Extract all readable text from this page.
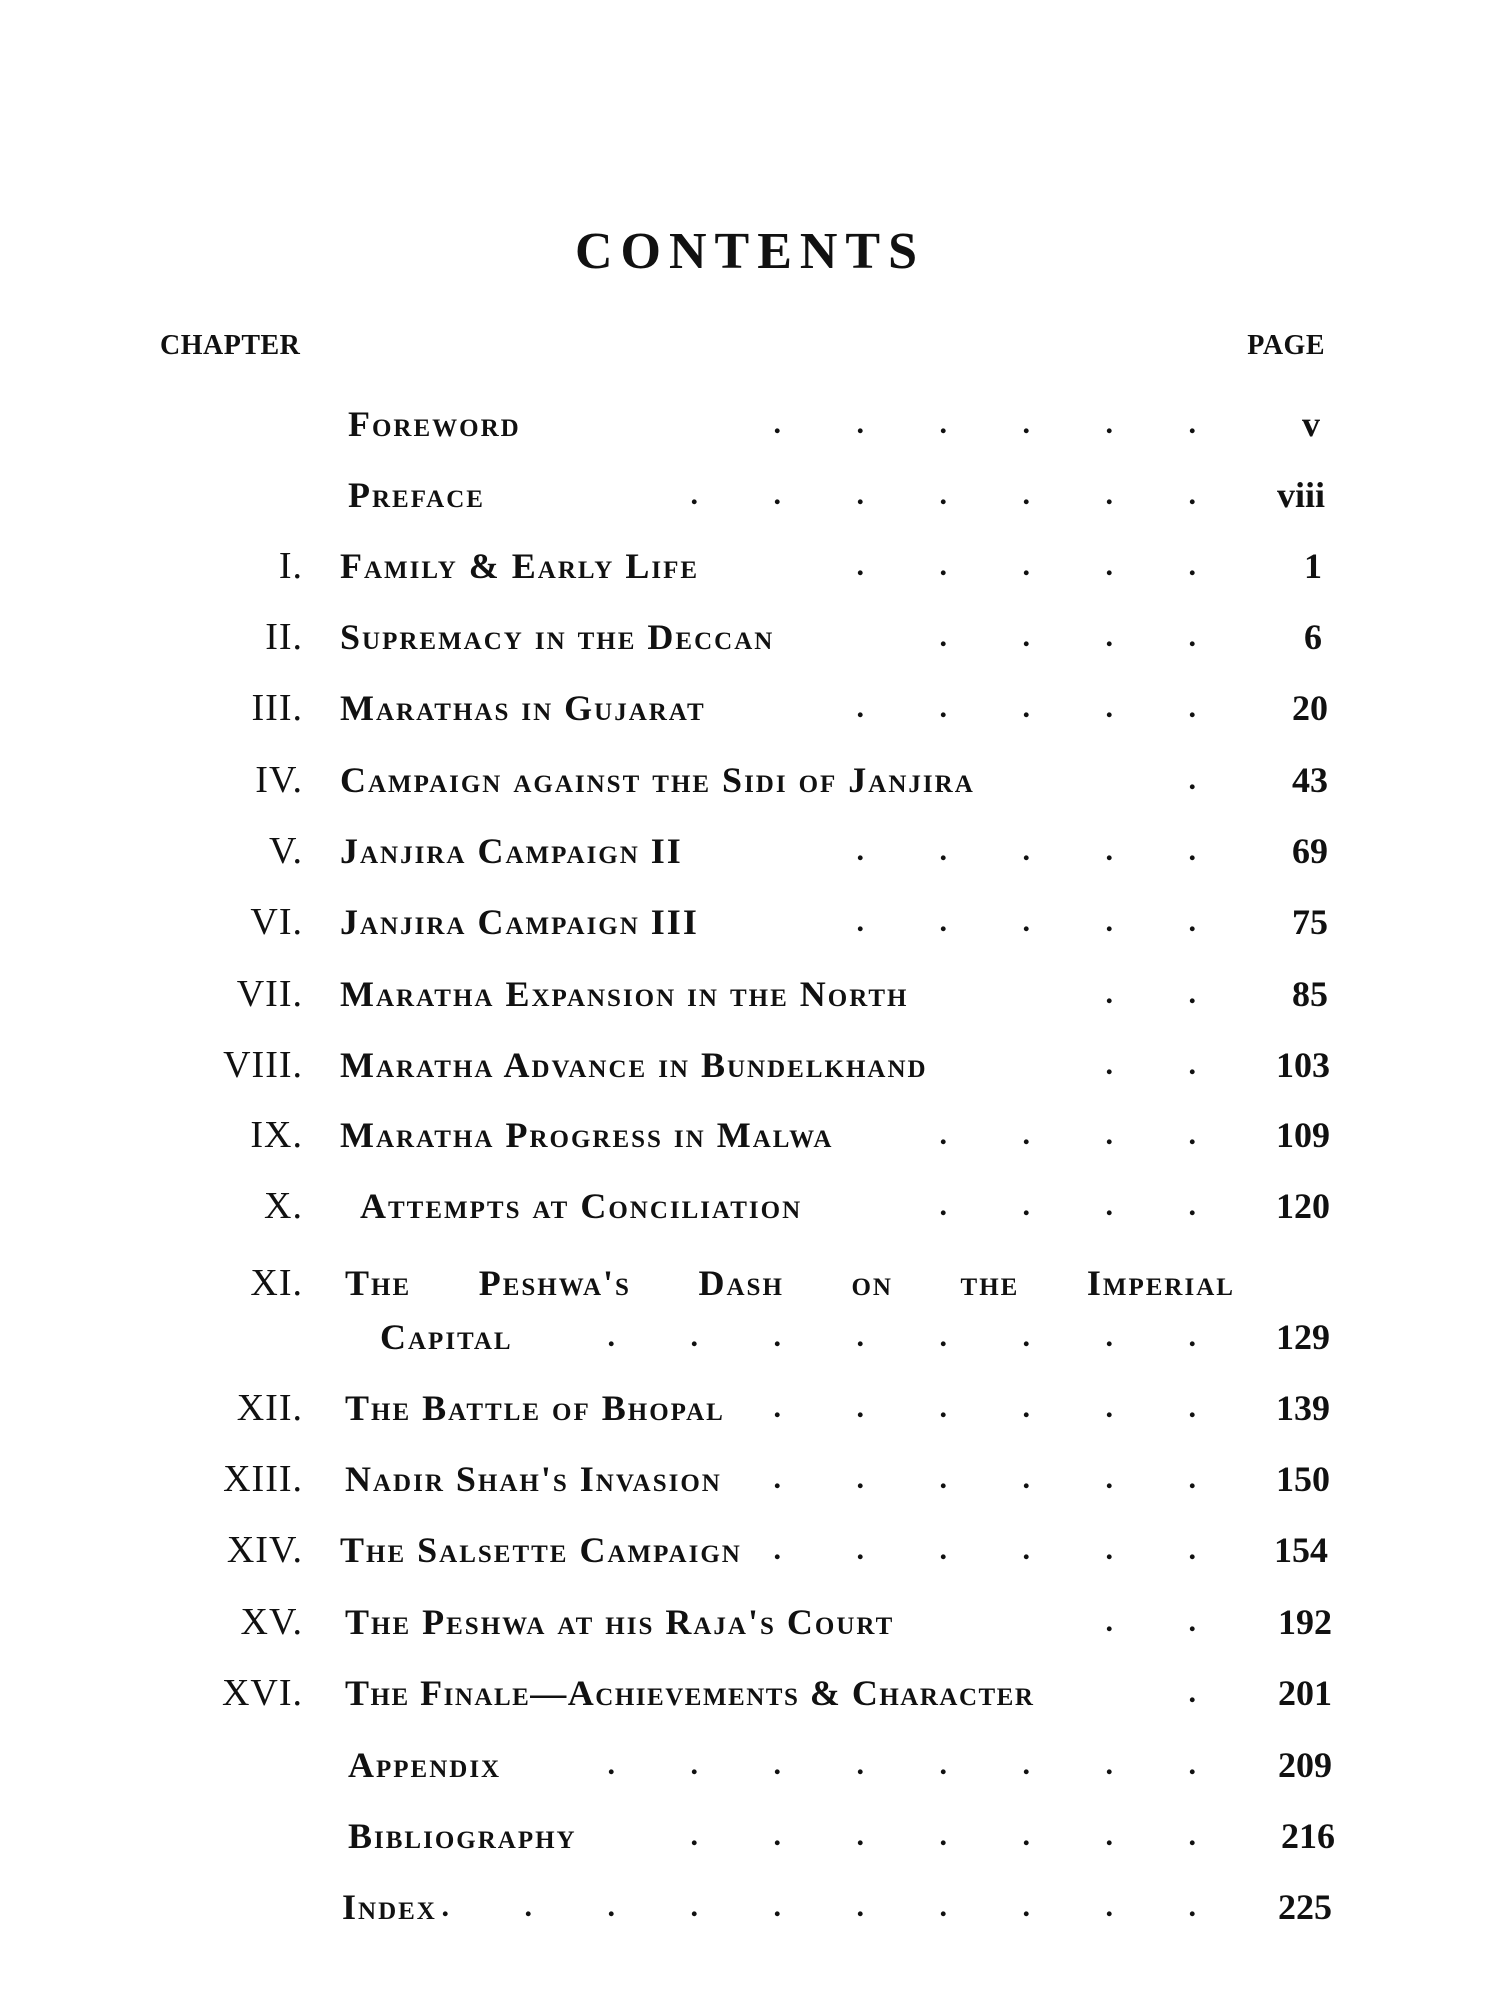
CONTENTS
CHAPTER	PAGE
Foreword	. . . . . . v
Preface	. . . . . . . viii
I. Family & Early Life	. . . . . 1
II. Supremacy in the Deccan	. . . . 6
III. Marathas in Gujarat	. . . . . 20
IV. Campaign against the Sidi of Janjira	. 43
V. Janjira Campaign II	. . . . . 69
VI. Janjira Campaign III	. . . . . 75
VII. Maratha Expansion in the North	. . 85
VIII. Maratha Advance in Bundelkhand	. . 103
IX. Maratha Progress in Malwa	. . . . 109
X. Attempts at Conciliation	. . . . 120
XI. The Peshwa's Dash on the Imperial
Capital	. . . . . . . . 129
XII. The Battle of Bhopal . . . . . . 139
XIII. Nadir Shah's Invasion . . . . . . 150
XIV. The Salsette Campaign . . . . . . 154
XV. The Peshwa at his Raja's Court	. . 192
XVI. The Finale—Achievements & Character	. 201
Appendix	. . . . . . . . 209
Bibliography	. . . . . . . 216
Index . . . . . . . . . . 225
